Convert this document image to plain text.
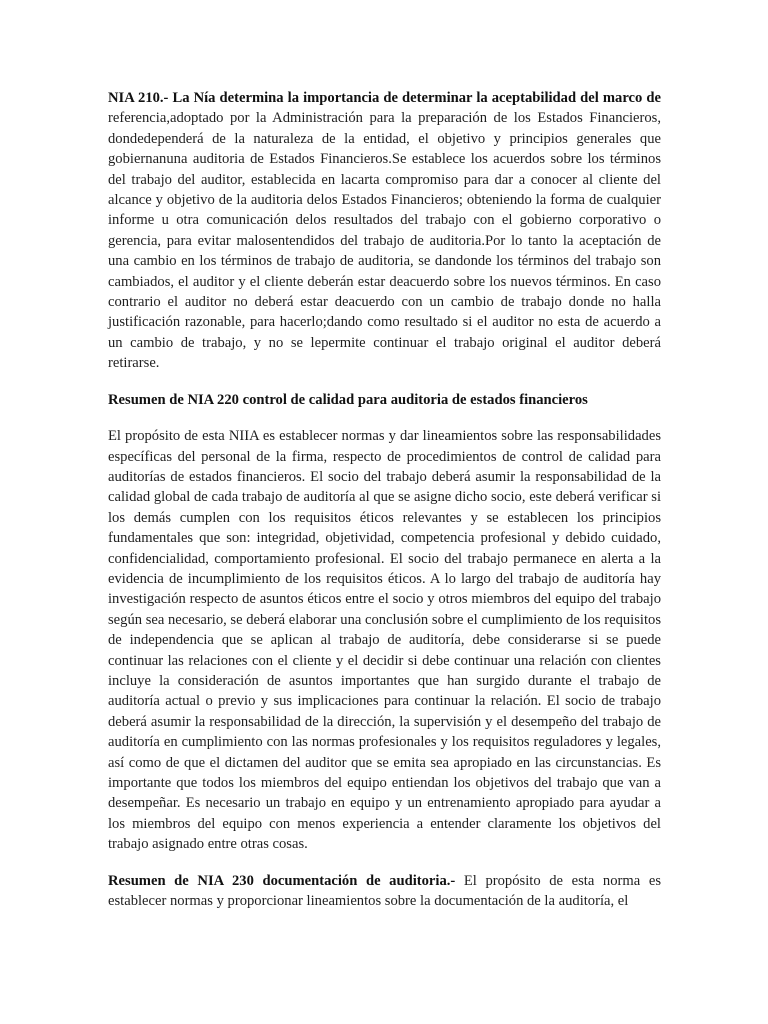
NIA 210.- La Nía determina la importancia de determinar la aceptabilidad del marco de referencia,adoptado por la Administración para la preparación de los Estados Financieros, dondedependerá de la naturaleza de la entidad, el objetivo y principios generales que gobiernanuna auditoria de Estados Financieros.Se establece los acuerdos sobre los términos del trabajo del auditor, establecida en lacarta compromiso para dar a conocer al cliente del alcance y objetivo de la auditoria delos Estados Financieros; obteniendo la forma de cualquier informe u otra comunicación delos resultados del trabajo con el gobierno corporativo o gerencia, para evitar malosentendidos del trabajo de auditoria.Por lo tanto la aceptación de una cambio en los términos de trabajo de auditoria, se dandonde los términos del trabajo son cambiados, el auditor y el cliente deberán estar deacuerdo sobre los nuevos términos. En caso contrario el auditor no deberá estar deacuerdo con un cambio de trabajo donde no halla justificación razonable, para hacerlo;dando como resultado si el auditor no esta de acuerdo a un cambio de trabajo, y no se lepermite continuar el trabajo original el auditor deberá retirarse.

Resumen de NIA 220 control de calidad para auditoria de estados financieros

El propósito de esta NIIA es establecer normas y dar lineamientos sobre las responsabilidades específicas del personal de la firma, respecto de procedimientos de control de calidad para auditorías de estados financieros. El socio del trabajo deberá asumir la responsabilidad de la calidad global de cada trabajo de auditoría al que se asigne dicho socio, este deberá verificar si los demás cumplen con los requisitos éticos relevantes y se establecen los principios fundamentales que son: integridad, objetividad, competencia profesional y debido cuidado, confidencialidad, comportamiento profesional. El socio del trabajo permanece en alerta a la evidencia de incumplimiento de los requisitos éticos. A lo largo del trabajo de auditoría hay investigación respecto de asuntos éticos entre el socio y otros miembros del equipo del trabajo según sea necesario, se deberá elaborar una conclusión sobre el cumplimiento de los requisitos de independencia que se aplican al trabajo de auditoría, debe considerarse si se puede continuar las relaciones con el cliente y el decidir si debe continuar una relación con clientes incluye la consideración de asuntos importantes que han surgido durante el trabajo de auditoría actual o previo y sus implicaciones para continuar la relación. El socio de trabajo deberá asumir la responsabilidad de la dirección, la supervisión y el desempeño del trabajo de auditoría en cumplimiento con las normas profesionales y los requisitos reguladores y legales, así como de que el dictamen del auditor que se emita sea apropiado en las circunstancias. Es importante que todos los miembros del equipo entiendan los objetivos del trabajo que van a desempeñar. Es necesario un trabajo en equipo y un entrenamiento apropiado para ayudar a los miembros del equipo con menos experiencia a entender claramente los objetivos del trabajo asignado entre otras cosas.

Resumen de NIA 230 documentación de auditoria.- El propósito de esta norma es establecer normas y proporcionar lineamientos sobre la documentación de la auditoría, el
